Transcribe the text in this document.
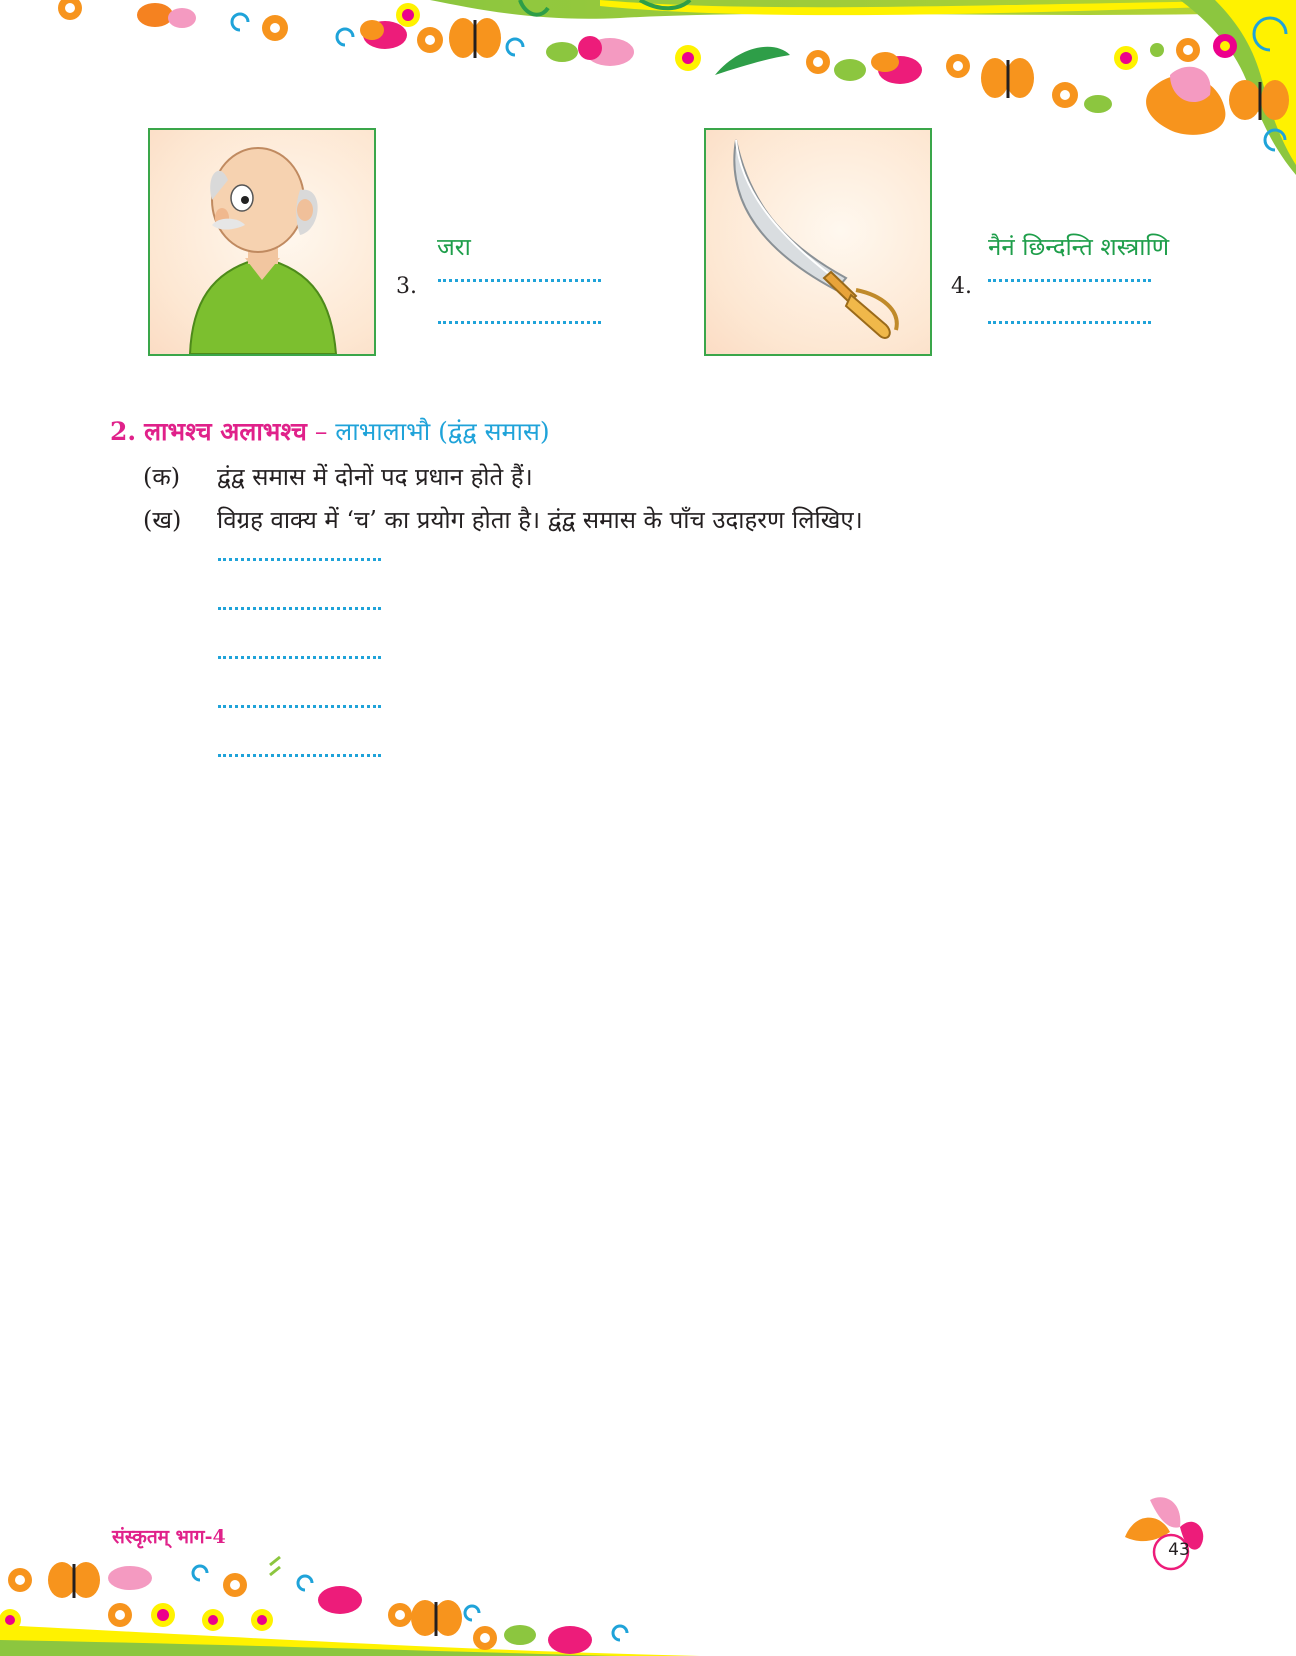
3.
जरा
4.
नैनं छिन्दन्ति शस्त्राणि
2. लाभश्च अलाभश्च – लाभालाभौ (द्वंद्व समास)
(क) द्वंद्व समास में दोनों पद प्रधान होते हैं।
(ख) विग्रह वाक्य में ‘च’ का प्रयोग होता है। द्वंद्व समास के पाँच उदाहरण लिखिए।
संस्कृतम् भाग-4
43
